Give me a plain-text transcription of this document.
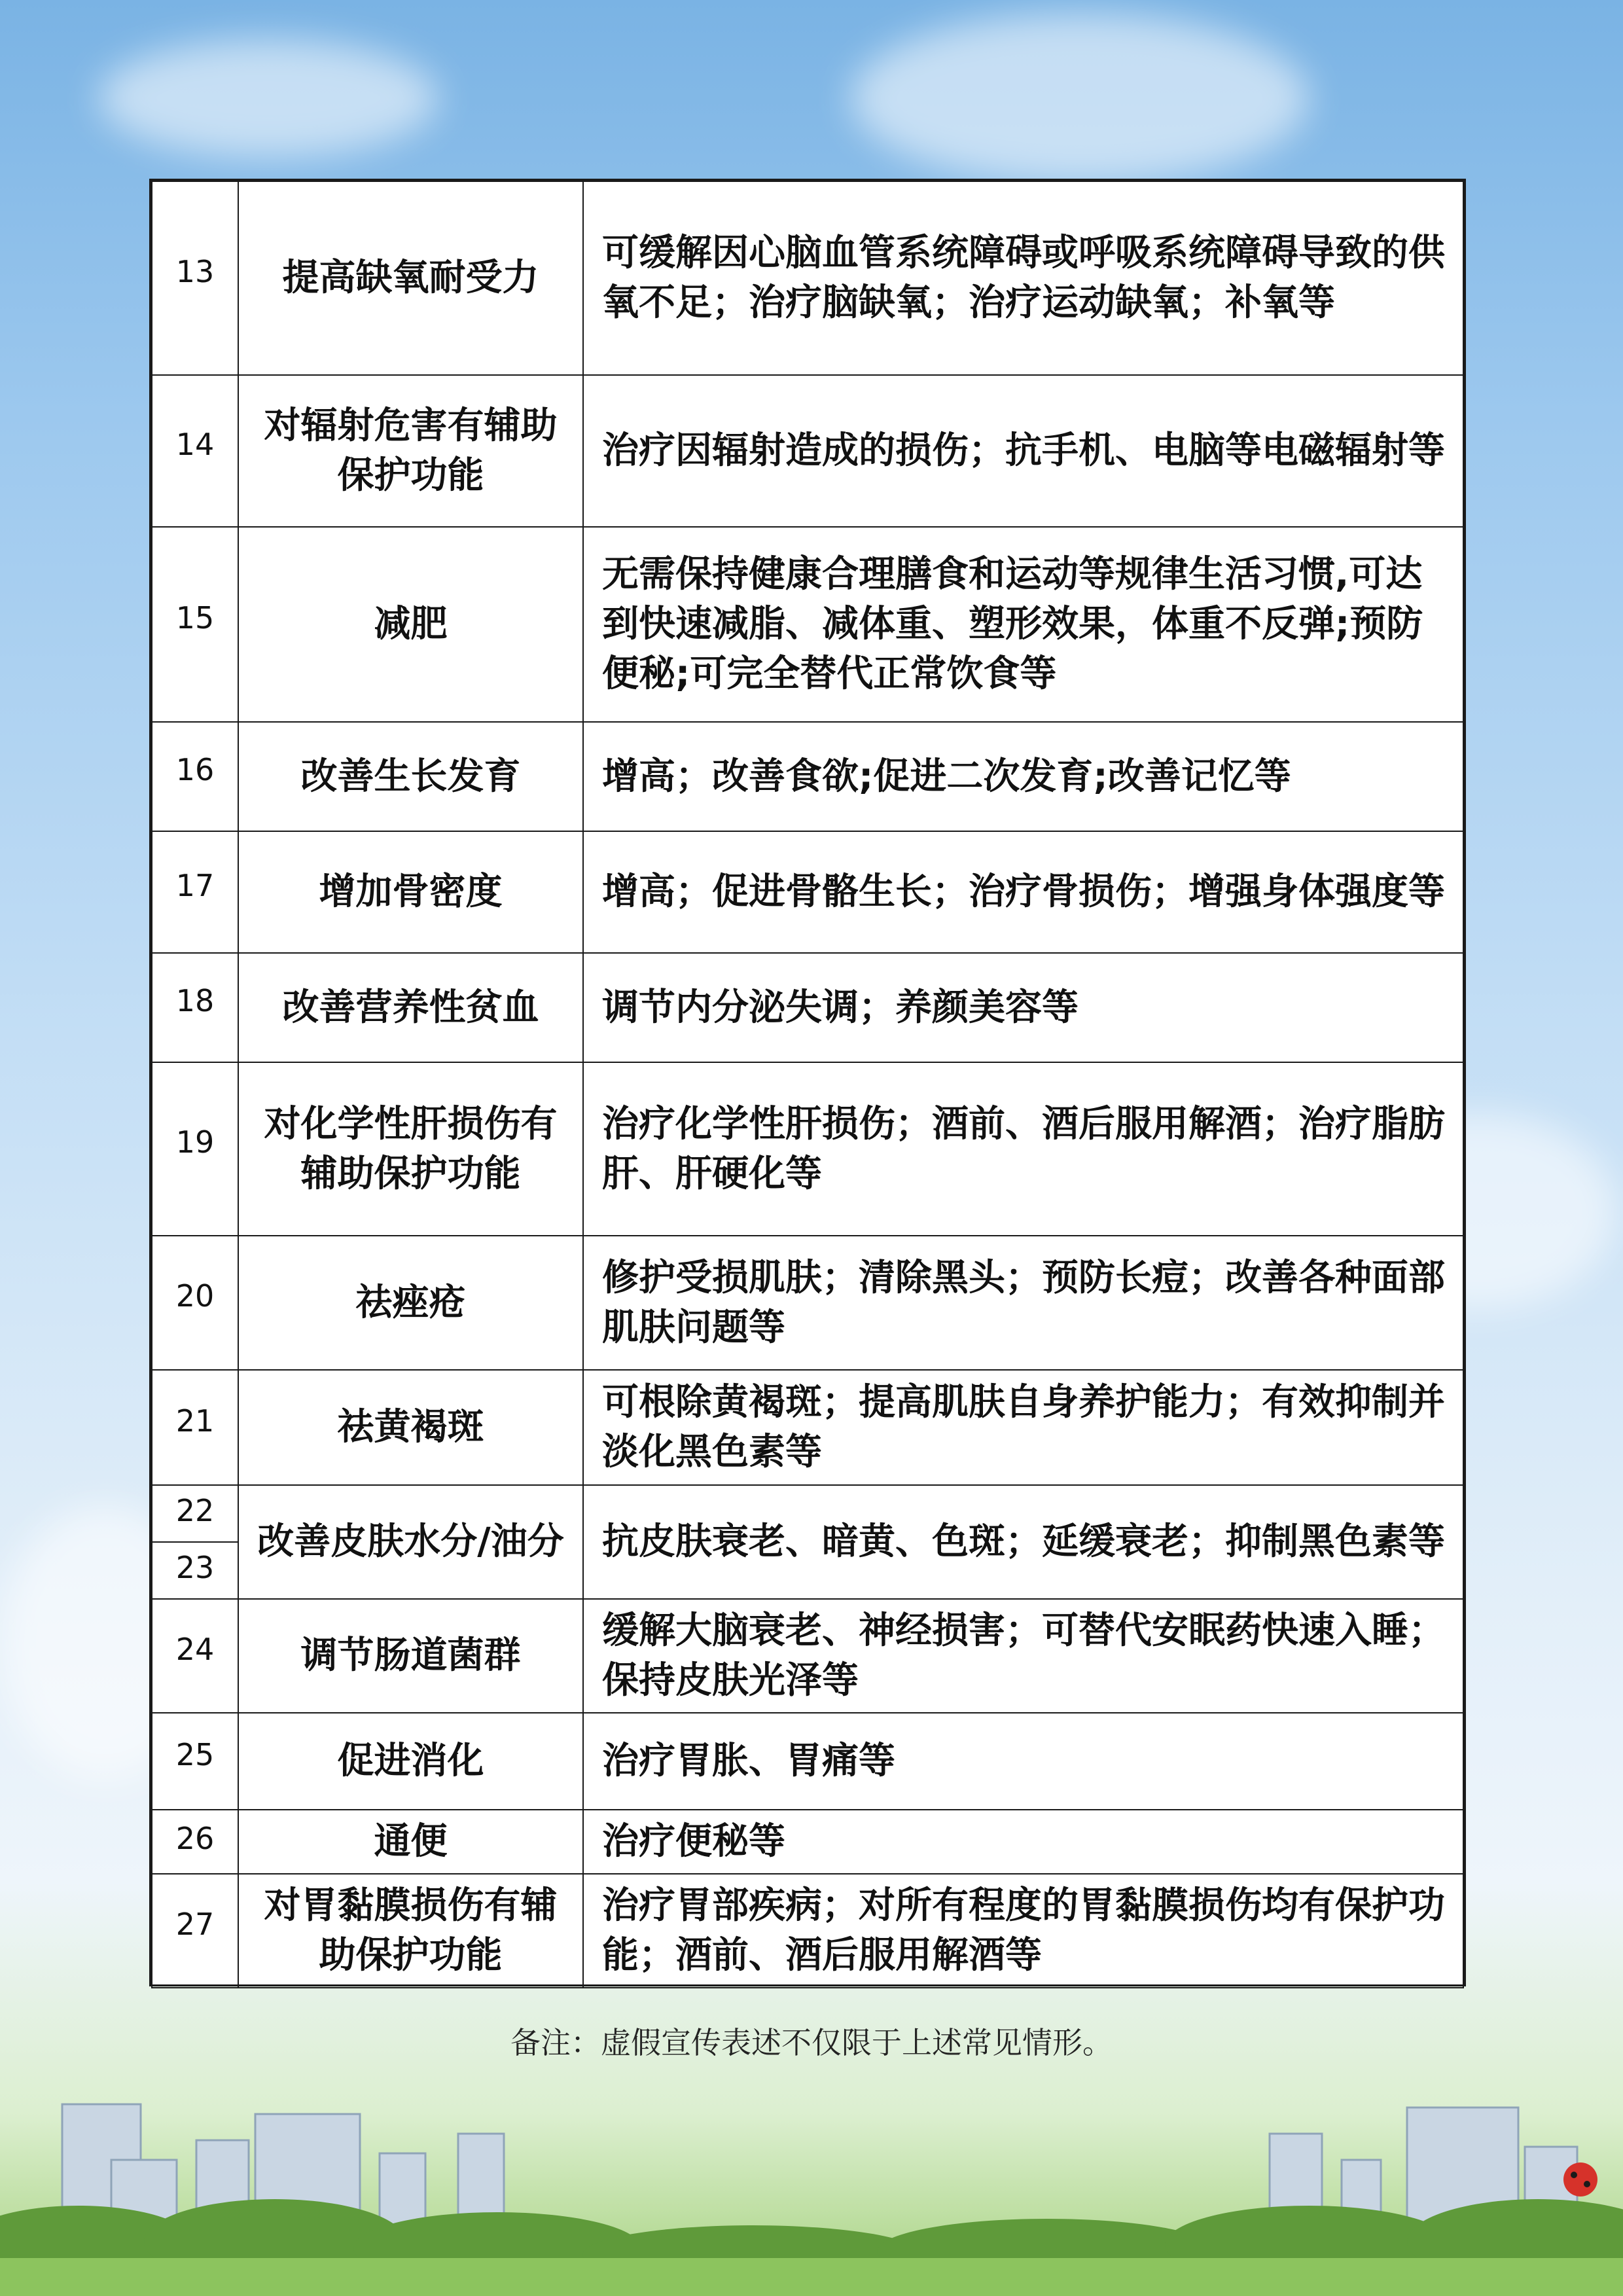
13	提高缺氧耐受力	可缓解因心脑血管系统障碍或呼吸系统障碍导致的供氧不足；治疗脑缺氧；治疗运动缺氧；补氧等
14	对辐射危害有辅助保护功能	治疗因辐射造成的损伤；抗手机、电脑等电磁辐射等
15	减肥	无需保持健康合理膳食和运动等规律生活习惯,可达到快速减脂、减体重、塑形效果，体重不反弹;预防便秘;可完全替代正常饮食等
16	改善生长发育	增高；改善食欲;促进二次发育;改善记忆等
17	增加骨密度	增高；促进骨骼生长；治疗骨损伤；增强身体强度等
18	改善营养性贫血	调节内分泌失调；养颜美容等
19	对化学性肝损伤有辅助保护功能	治疗化学性肝损伤；酒前、酒后服用解酒；治疗脂肪肝、肝硬化等
20	祛痤疮	修护受损肌肤；清除黑头；预防长痘；改善各种面部肌肤问题等
21	祛黄褐斑	可根除黄褐斑；提高肌肤自身养护能力；有效抑制并淡化黑色素等
22	改善皮肤水分/油分	抗皮肤衰老、暗黄、色斑；延缓衰老；抑制黑色素等
23		
24	调节肠道菌群	缓解大脑衰老、神经损害；可替代安眠药快速入睡；保持皮肤光泽等
25	促进消化	治疗胃胀、胃痛等
26	通便	治疗便秘等
27	对胃黏膜损伤有辅助保护功能	治疗胃部疾病；对所有程度的胃黏膜损伤均有保护功能；酒前、酒后服用解酒等
备注：虚假宣传表述不仅限于上述常见情形。
